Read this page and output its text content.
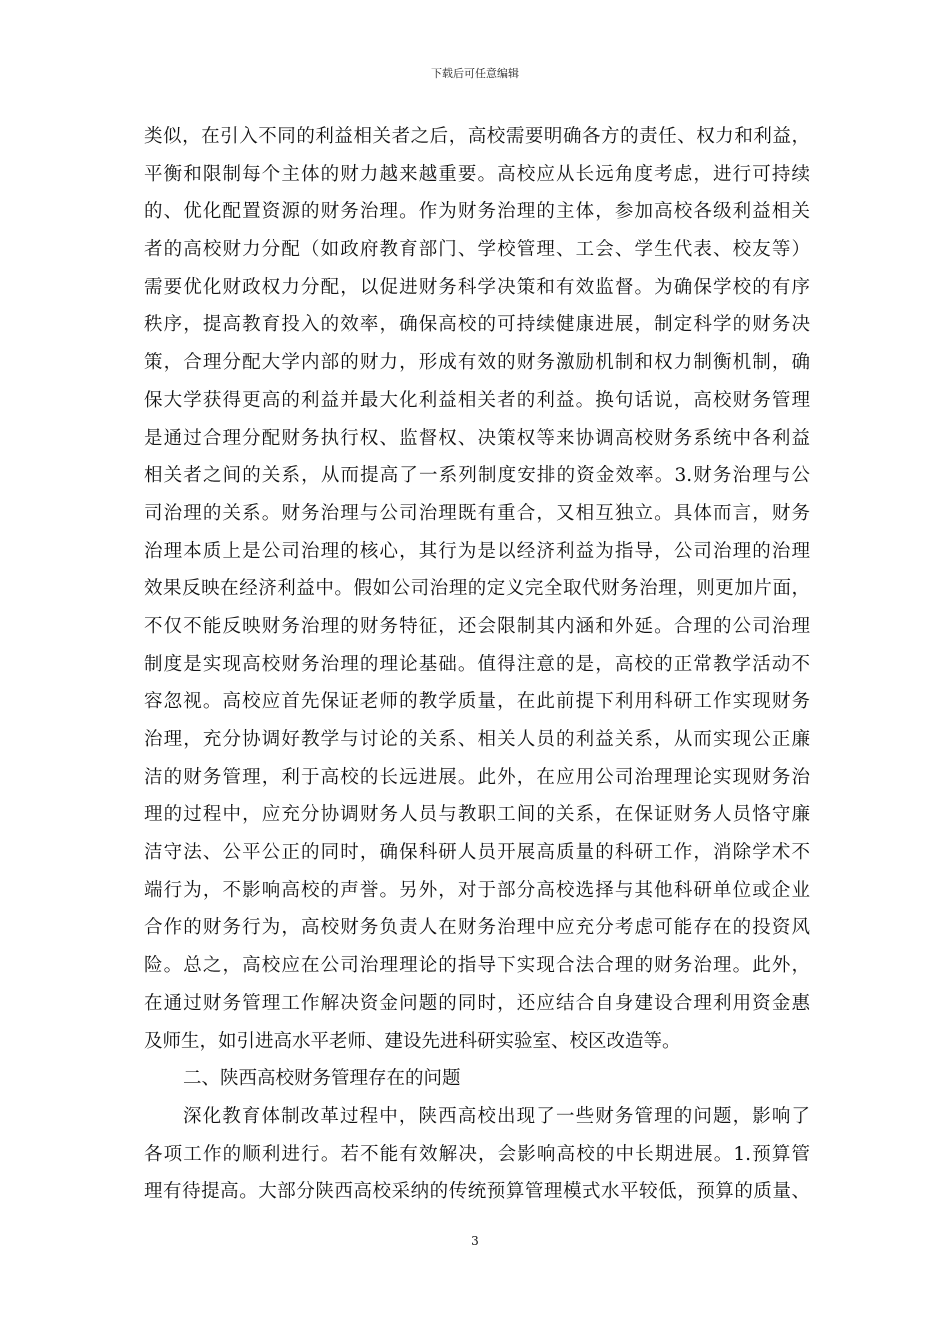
下载后可任意编辑
类似，在引入不同的利益相关者之后，高校需要明确各方的责任、权力和利益，
平衡和限制每个主体的财力越来越重要。高校应从长远角度考虑，进行可持续
的、优化配置资源的财务治理。作为财务治理的主体，参加高校各级利益相关
者的高校财力分配（如政府教育部门、学校管理、工会、学生代表、校友等）
需要优化财政权力分配，以促进财务科学决策和有效监督。为确保学校的有序
秩序，提高教育投入的效率，确保高校的可持续健康进展，制定科学的财务决
策，合理分配大学内部的财力，形成有效的财务激励机制和权力制衡机制，确
保大学获得更高的利益并最大化利益相关者的利益。换句话说，高校财务管理
是通过合理分配财务执行权、监督权、决策权等来协调高校财务系统中各利益
相关者之间的关系，从而提高了一系列制度安排的资金效率。3.财务治理与公
司治理的关系。财务治理与公司治理既有重合，又相互独立。具体而言，财务
治理本质上是公司治理的核心，其行为是以经济利益为指导，公司治理的治理
效果反映在经济利益中。假如公司治理的定义完全取代财务治理，则更加片面，
不仅不能反映财务治理的财务特征，还会限制其内涵和外延。合理的公司治理
制度是实现高校财务治理的理论基础。值得注意的是，高校的正常教学活动不
容忽视。高校应首先保证老师的教学质量，在此前提下利用科研工作实现财务
治理，充分协调好教学与讨论的关系、相关人员的利益关系，从而实现公正廉
洁的财务管理，利于高校的长远进展。此外，在应用公司治理理论实现财务治
理的过程中，应充分协调财务人员与教职工间的关系，在保证财务人员恪守廉
洁守法、公平公正的同时，确保科研人员开展高质量的科研工作，消除学术不
端行为，不影响高校的声誉。另外，对于部分高校选择与其他科研单位或企业
合作的财务行为，高校财务负责人在财务治理中应充分考虑可能存在的投资风
险。总之，高校应在公司治理理论的指导下实现合法合理的财务治理。此外，
在通过财务管理工作解决资金问题的同时，还应结合自身建设合理利用资金惠
及师生，如引进高水平老师、建设先进科研实验室、校区改造等。
二、陕西高校财务管理存在的问题
深化教育体制改革过程中，陕西高校出现了一些财务管理的问题，影响了
各项工作的顺利进行。若不能有效解决，会影响高校的中长期进展。1.预算管
理有待提高。大部分陕西高校采纳的传统预算管理模式水平较低，预算的质量、
3
